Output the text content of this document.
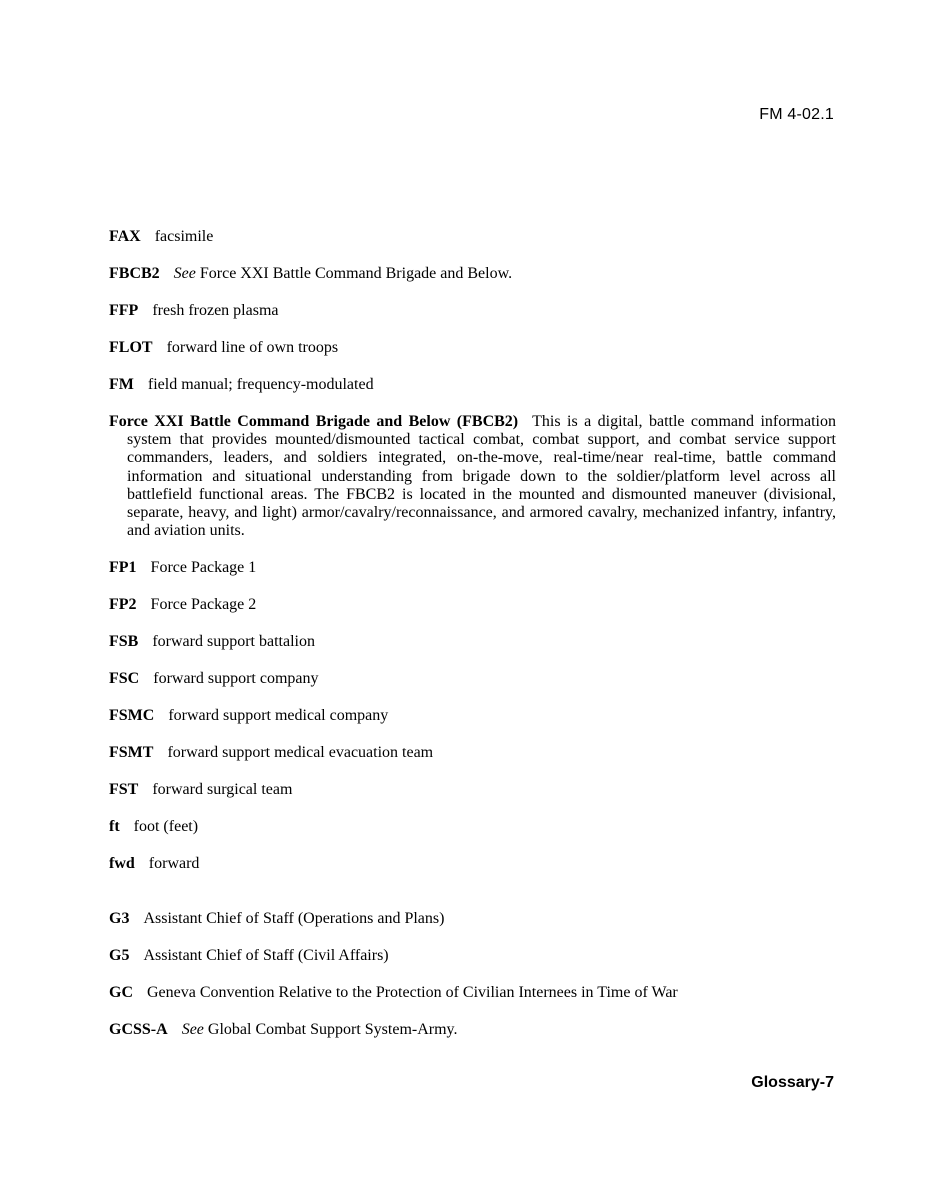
FM 4-02.1

FAX facsimile

FBCB2 See Force XXI Battle Command Brigade and Below.

FFP fresh frozen plasma

FLOT forward line of own troops

FM field manual; frequency-modulated

Force XXI Battle Command Brigade and Below (FBCB2) This is a digital, battle command information system that provides mounted/dismounted tactical combat, combat support, and combat service support commanders, leaders, and soldiers integrated, on-the-move, real-time/near real-time, battle command information and situational understanding from brigade down to the soldier/platform level across all battlefield functional areas. The FBCB2 is located in the mounted and dismounted maneuver (divisional, separate, heavy, and light) armor/cavalry/reconnaissance, and armored cavalry, mechanized infantry, infantry, and aviation units.

FP1 Force Package 1

FP2 Force Package 2

FSB forward support battalion

FSC forward support company

FSMC forward support medical company

FSMT forward support medical evacuation team

FST forward surgical team

ft foot (feet)

fwd forward

G3 Assistant Chief of Staff (Operations and Plans)

G5 Assistant Chief of Staff (Civil Affairs)

GC Geneva Convention Relative to the Protection of Civilian Internees in Time of War

GCSS-A See Global Combat Support System-Army.

Glossary-7
